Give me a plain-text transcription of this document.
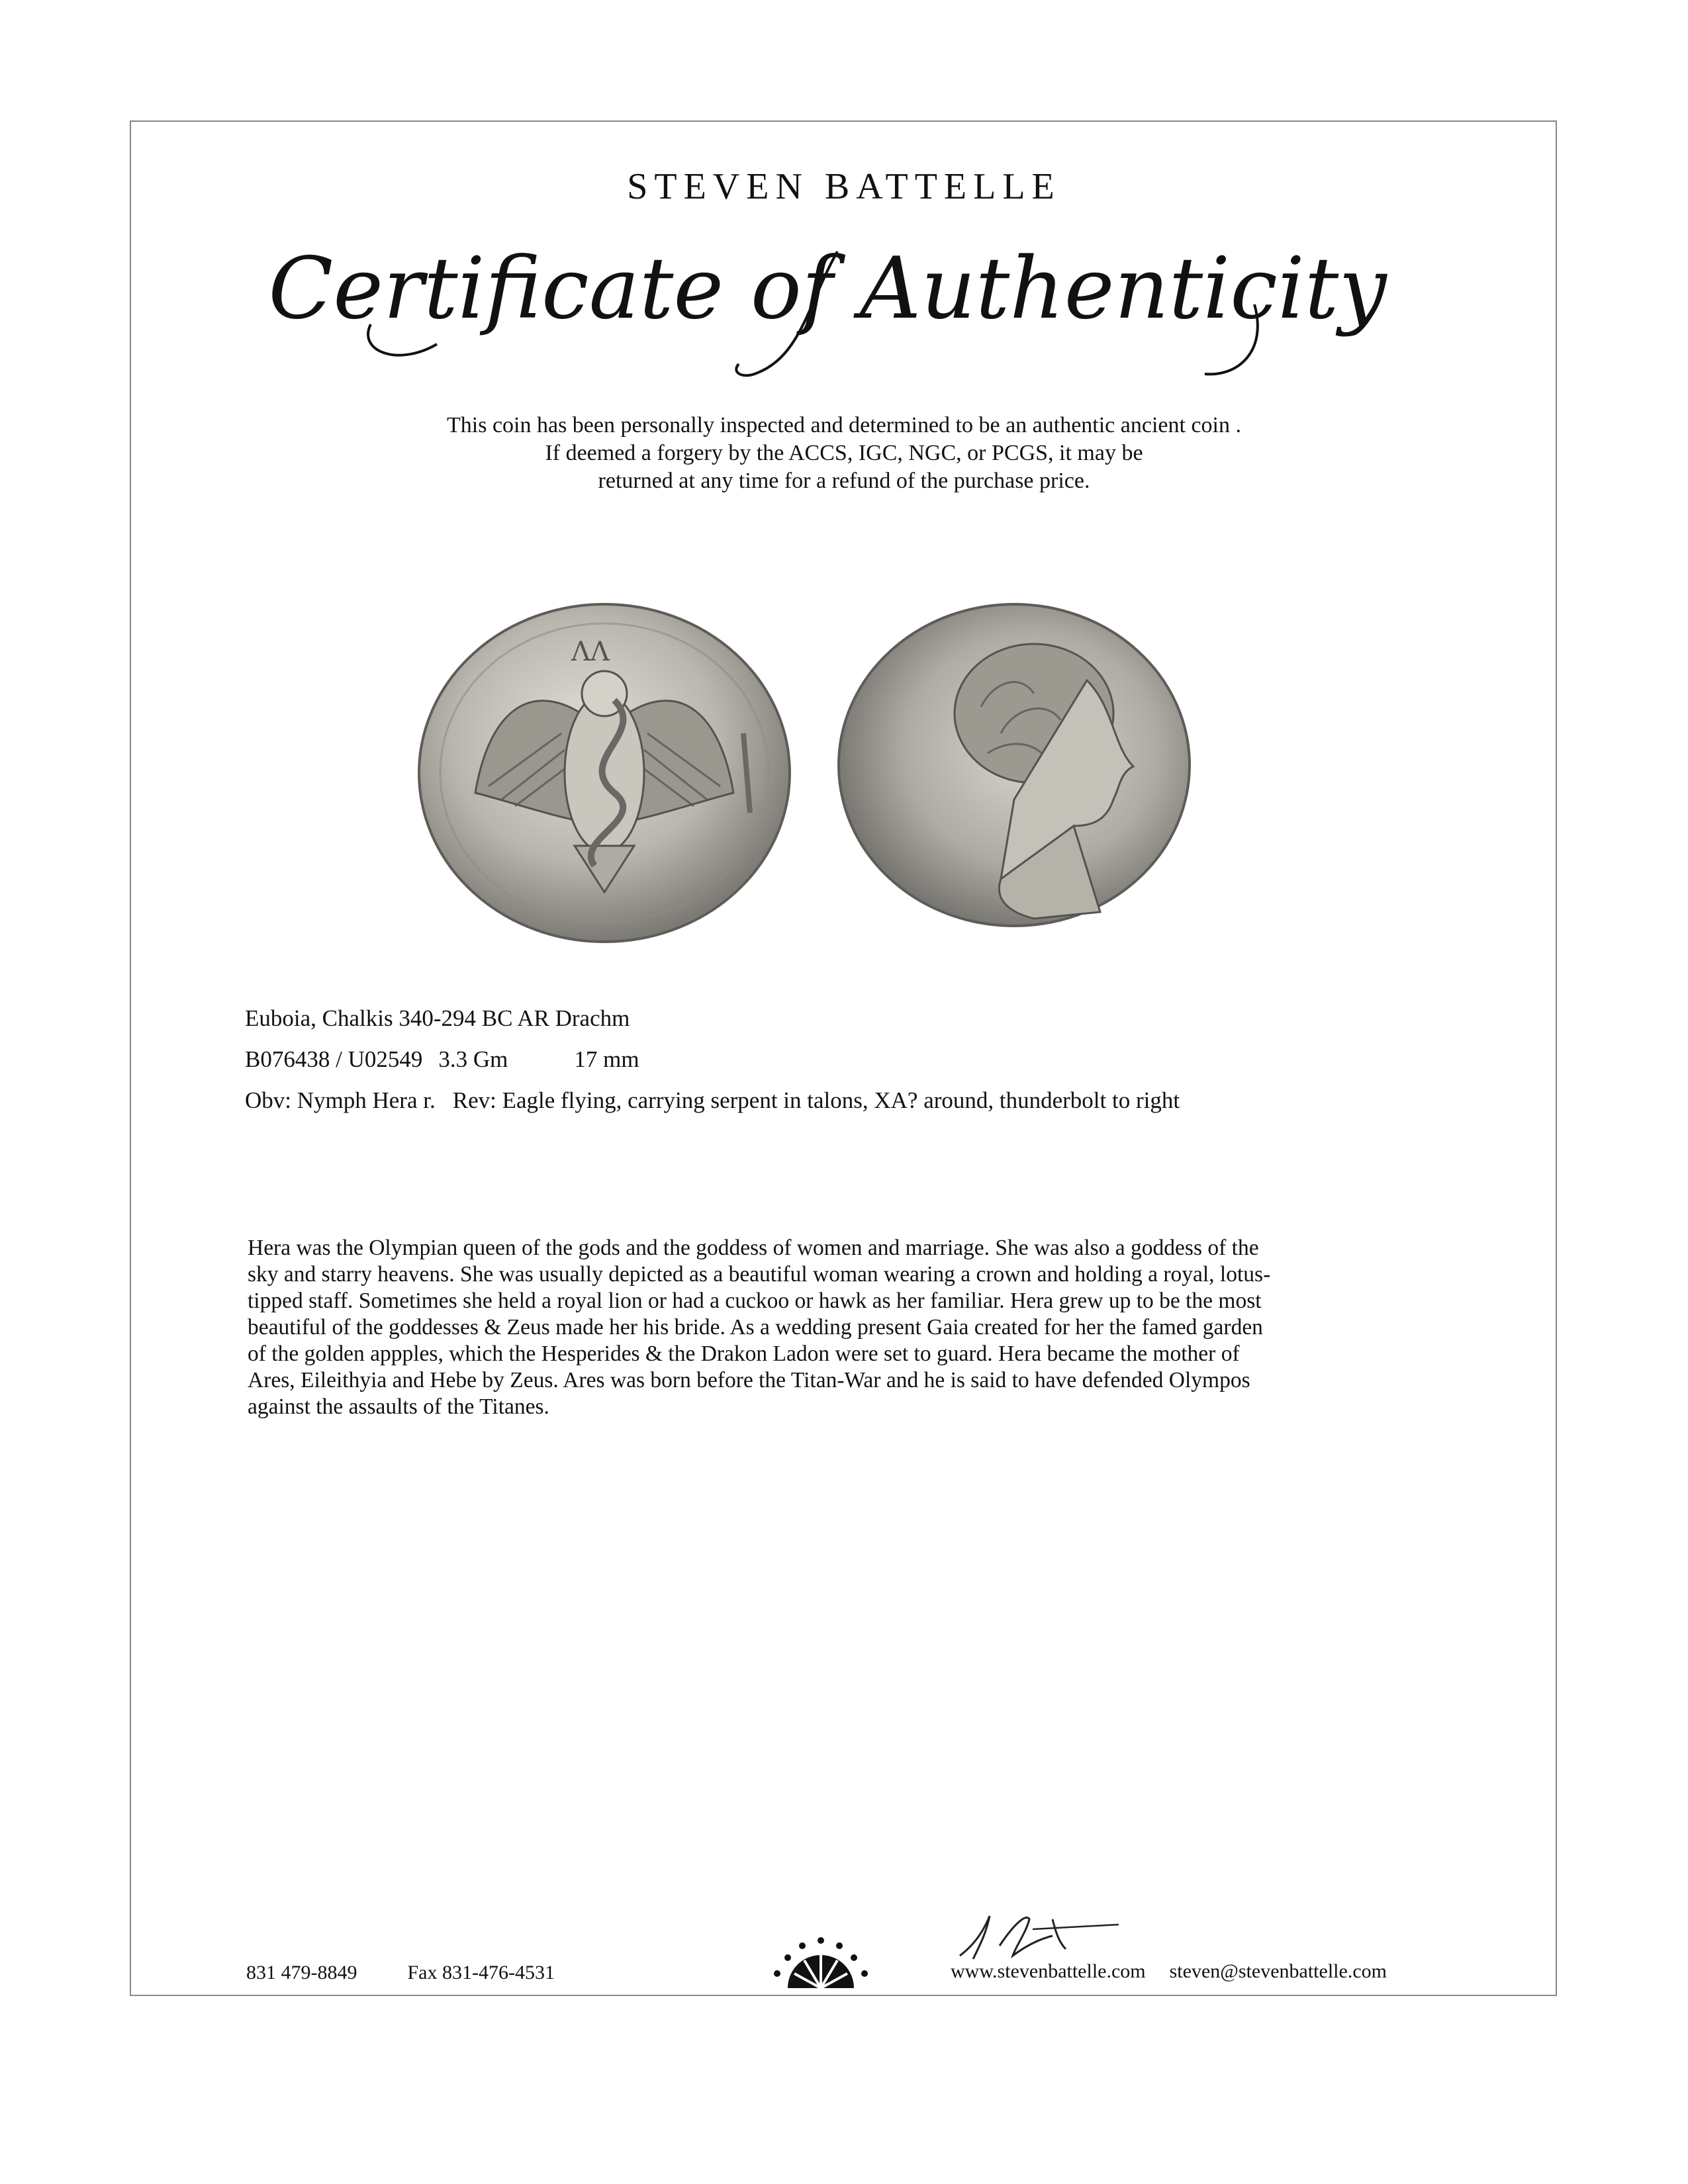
STEVEN BATTELLE
Certificate of Authenticity
This coin has been personally inspected and determined to be an authentic ancient coin .
If deemed a forgery by the ACCS, IGC, NGC, or PCGS, it may be
returned at any time for a refund of the purchase price.
ΛΛ
Euboia, Chalkis 340-294 BC AR Drachm
B076438 / U02549 3.3 Gm	17 mm
Obv: Nymph Hera r. Rev: Eagle flying, carrying serpent in talons, XA? around, thunderbolt to right
Hera was the Olympian queen of the gods and the goddess of women and marriage. She was also a goddess of the
sky and starry heavens. She was usually depicted as a beautiful woman wearing a crown and holding a royal, lotus-
tipped staff. Sometimes she held a royal lion or had a cuckoo or hawk as her familiar. Hera grew up to be the most
beautiful of the goddesses & Zeus made her his bride. As a wedding present Gaia created for her the famed garden
of the golden appples, which the Hesperides & the Drakon Ladon were set to guard. Hera became the mother of
Ares, Eileithyia and Hebe by Zeus. Ares was born before the Titan-War and he is said to have defended Olympos
against the assaults of the Titanes.
831 479-8849	Fax 831-476-4531	www.stevenbattelle.com steven@stevenbattelle.com
